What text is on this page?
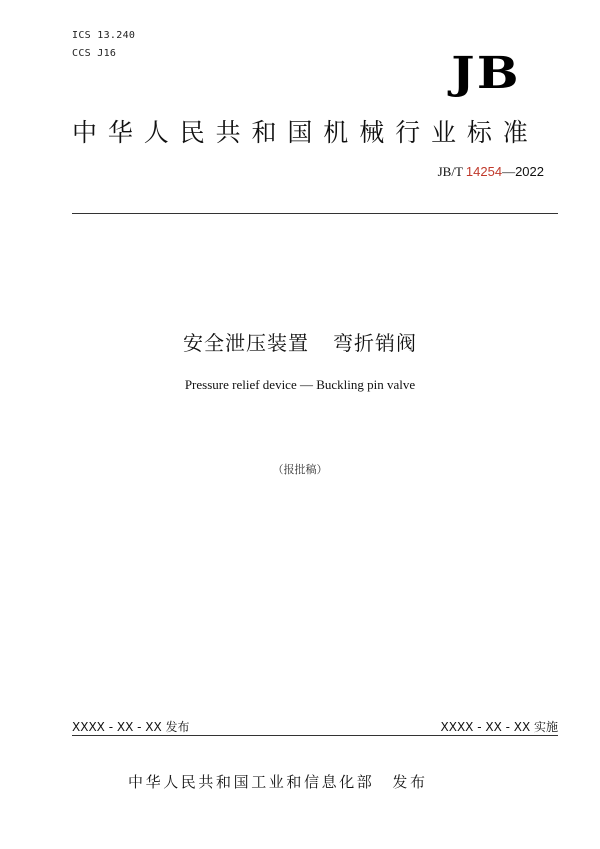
ICS 13.240
CCS J16	JB
中华人民共和国机械行业标准
JB/T 14254—2022
安全泄压装置 弯折销阀
Pressure relief device — Buckling pin valve
（报批稿）
XXXX - XX - XX 发布	XXXX - XX - XX 实施
中华人民共和国工业和信息化部 发布
